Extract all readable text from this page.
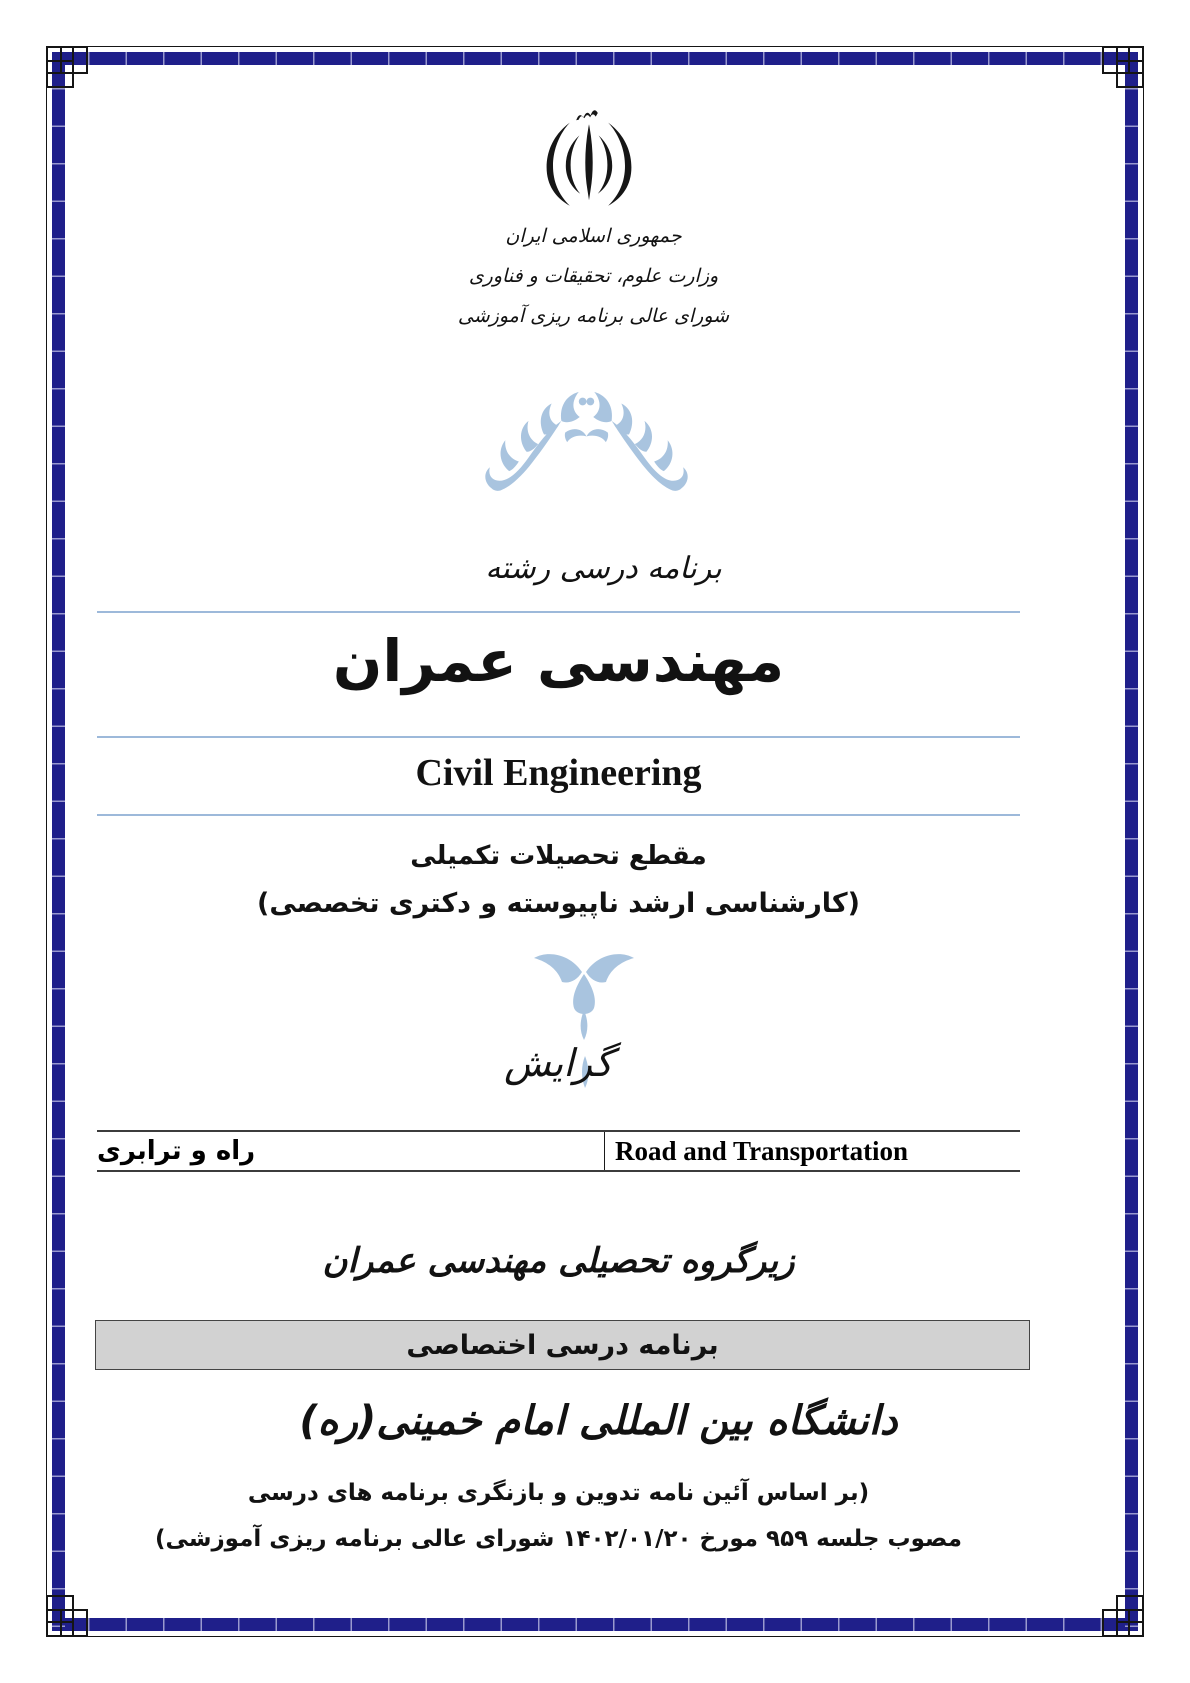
جمهوری اسلامی ایران
وزارت علوم، تحقیقات و فناوری
شورای عالی برنامه ریزی آموزشی
برنامه درسی رشته
مهندسی عمران
Civil Engineering
مقطع تحصیلات تکمیلی
(کارشناسی ارشد ناپیوسته و دکتری تخصصی)
گرایش
راه و ترابری	Road and Transportation
زیرگروه تحصیلی مهندسی عمران
برنامه درسی اختصاصی
دانشگاه بین المللی امام خمینی(ره)
(بر اساس آئین نامه تدوین و بازنگری برنامه های درسی
مصوب جلسه ۹۵۹ مورخ ۱۴۰۲/۰۱/۲۰ شورای عالی برنامه ریزی آموزشی)
